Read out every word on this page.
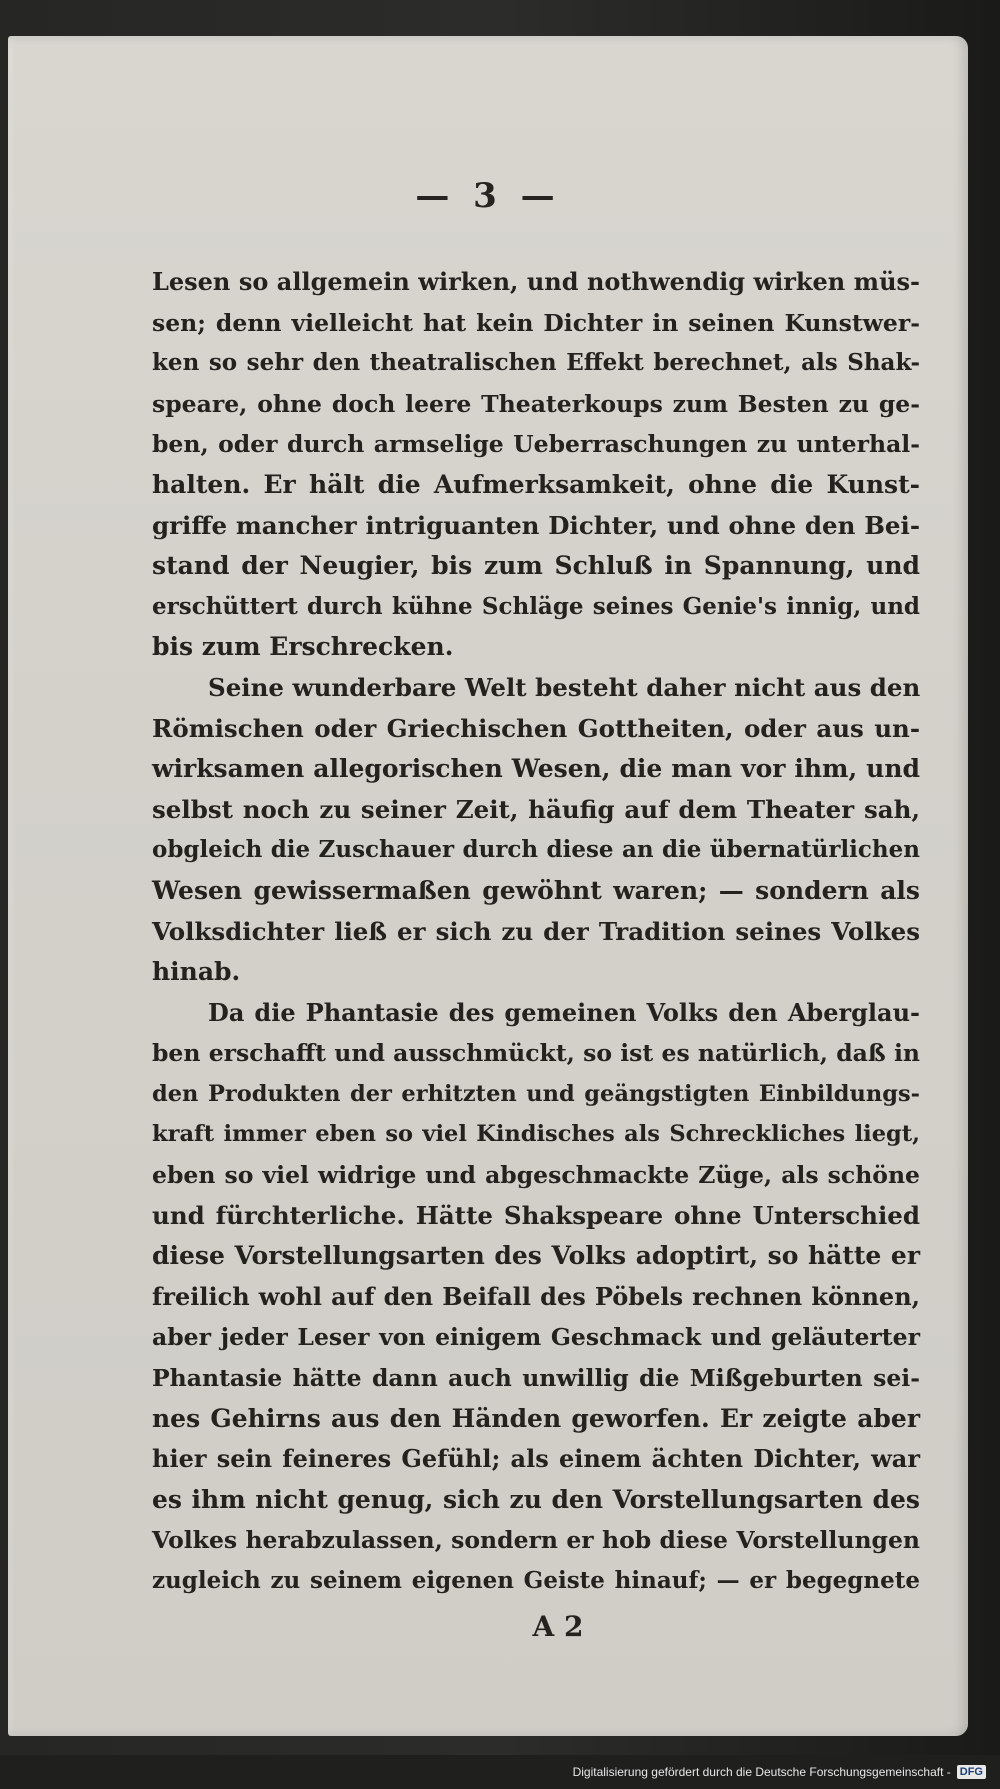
— 3 —
Lesen so allgemein wirken, und nothwendig wirken müs-
sen; denn vielleicht hat kein Dichter in seinen Kunstwer-
ken so sehr den theatralischen Effekt berechnet, als Shak-
speare, ohne doch leere Theaterkoups zum Besten zu ge-
ben, oder durch armselige Ueberraschungen zu unterhal-
halten. Er hält die Aufmerksamkeit, ohne die Kunst-
griffe mancher intriguanten Dichter, und ohne den Bei-
stand der Neugier, bis zum Schluß in Spannung, und
erschüttert durch kühne Schläge seines Genie's innig, und
bis zum Erschrecken.
Seine wunderbare Welt besteht daher nicht aus den
Römischen oder Griechischen Gottheiten, oder aus un-
wirksamen allegorischen Wesen, die man vor ihm, und
selbst noch zu seiner Zeit, häufig auf dem Theater sah,
obgleich die Zuschauer durch diese an die übernatürlichen
Wesen gewissermaßen gewöhnt waren; — sondern als
Volksdichter ließ er sich zu der Tradition seines Volkes
hinab.
Da die Phantasie des gemeinen Volks den Aberglau-
ben erschafft und ausschmückt, so ist es natürlich, daß in
den Produkten der erhitzten und geängstigten Einbildungs-
kraft immer eben so viel Kindisches als Schreckliches liegt,
eben so viel widrige und abgeschmackte Züge, als schöne
und fürchterliche. Hätte Shakspeare ohne Unterschied
diese Vorstellungsarten des Volks adoptirt, so hätte er
freilich wohl auf den Beifall des Pöbels rechnen können,
aber jeder Leser von einigem Geschmack und geläuterter
Phantasie hätte dann auch unwillig die Mißgeburten sei-
nes Gehirns aus den Händen geworfen. Er zeigte aber
hier sein feineres Gefühl; als einem ächten Dichter, war
es ihm nicht genug, sich zu den Vorstellungsarten des
Volkes herabzulassen, sondern er hob diese Vorstellungen
zugleich zu seinem eigenen Geiste hinauf; — er begegnete
A 2
Digitalisierung gefördert durch die Deutsche Forschungsgemeinschaft - DFG
